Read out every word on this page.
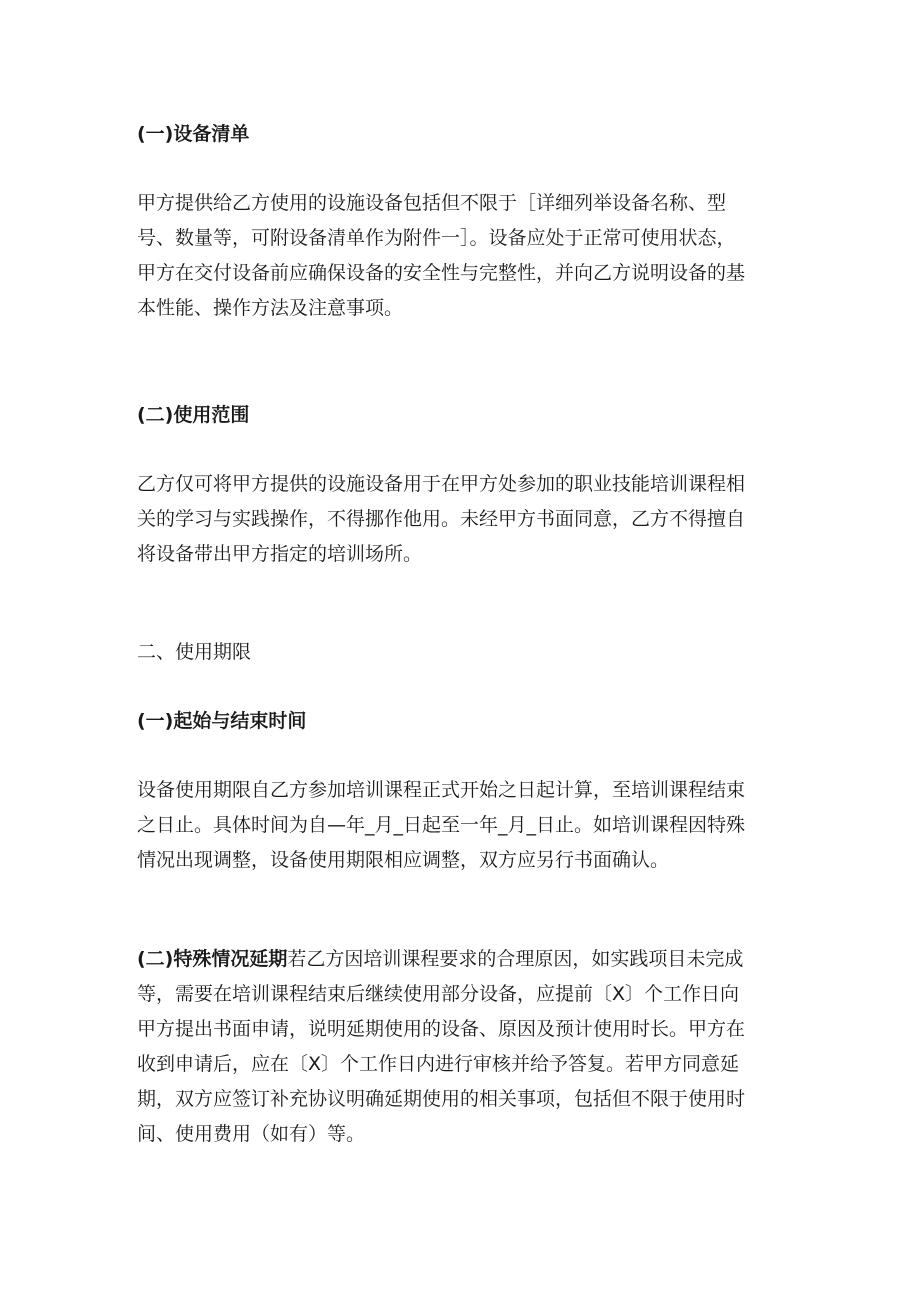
(一)设备清单
甲方提供给乙方使用的设施设备包括但不限于［详细列举设备名称、型
号、数量等，可附设备清单作为附件一］。设备应处于正常可使用状态，
甲方在交付设备前应确保设备的安全性与完整性，并向乙方说明设备的基
本性能、操作方法及注意事项。
(二)使用范围
乙方仅可将甲方提供的设施设备用于在甲方处参加的职业技能培训课程相
关的学习与实践操作，不得挪作他用。未经甲方书面同意，乙方不得擅自
将设备带出甲方指定的培训场所。
二、使用期限
(一)起始与结束时间
设备使用期限自乙方参加培训课程正式开始之日起计算，至培训课程结束
之日止。具体时间为自—年_月_日起至一年_月_日止。如培训课程因特殊
情况出现调整，设备使用期限相应调整，双方应另行书面确认。
(二)特殊情况延期若乙方因培训课程要求的合理原因，如实践项目未完成
等，需要在培训课程结束后继续使用部分设备，应提前〔X〕个工作日向
甲方提出书面申请，说明延期使用的设备、原因及预计使用时长。甲方在
收到申请后，应在〔X〕个工作日内进行审核并给予答复。若甲方同意延
期，双方应签订补充协议明确延期使用的相关事项，包括但不限于使用时
间、使用费用（如有）等。
